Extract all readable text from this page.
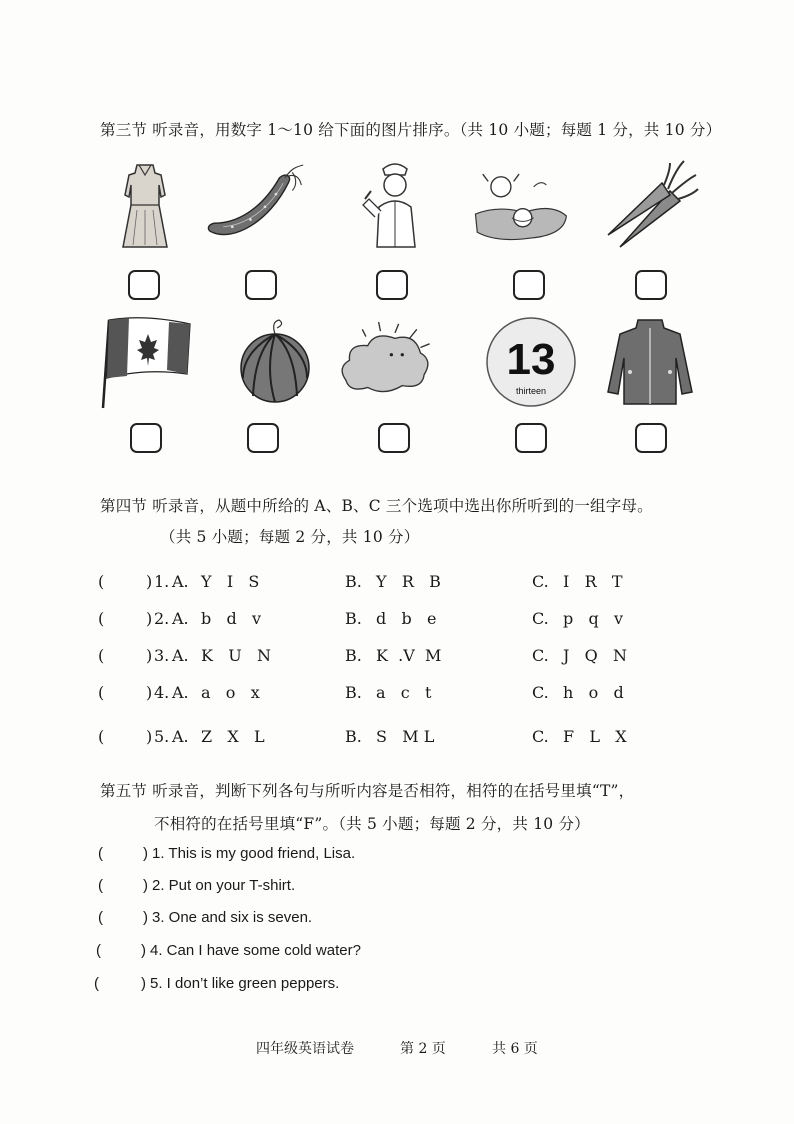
第三节 听录音，用数字 1～10 给下面的图片排序。（共 10 小题；每题 1 分，共 10 分）
13
thirteen
第四节 听录音，从题中所给的 A、B、C 三个选项中选出你所听到的一组字母。
（共 5 小题；每题 2 分，共 10 分）
(	) 1. A. Y   I   S	B. Y   R   B	C. I   R   T
(	) 2. A. b   d   v	B. d   b   e	C. p   q   v
(	) 3. A. K   U   N	B. K  .V  M	C. J   Q   N
(	) 4. A. a   o   x	B. a   c   t	C. h   o   d
(	) 5. A. Z   X   L	B. S   M L	C. F   L   X
第五节 听录音，判断下列各句与所听内容是否相符，相符的在括号里填“T”，
不相符的在括号里填“F”。（共 5 小题；每题 2 分，共 10 分）
(	) 1. This is my good friend, Lisa.
(	) 2. Put on your T-shirt.
(	) 3. One and six is seven.
(	) 4. Can I have some cold water?
(	) 5. I don’t like green peppers.
四年级英语试卷	第 2 页	共 6 页
